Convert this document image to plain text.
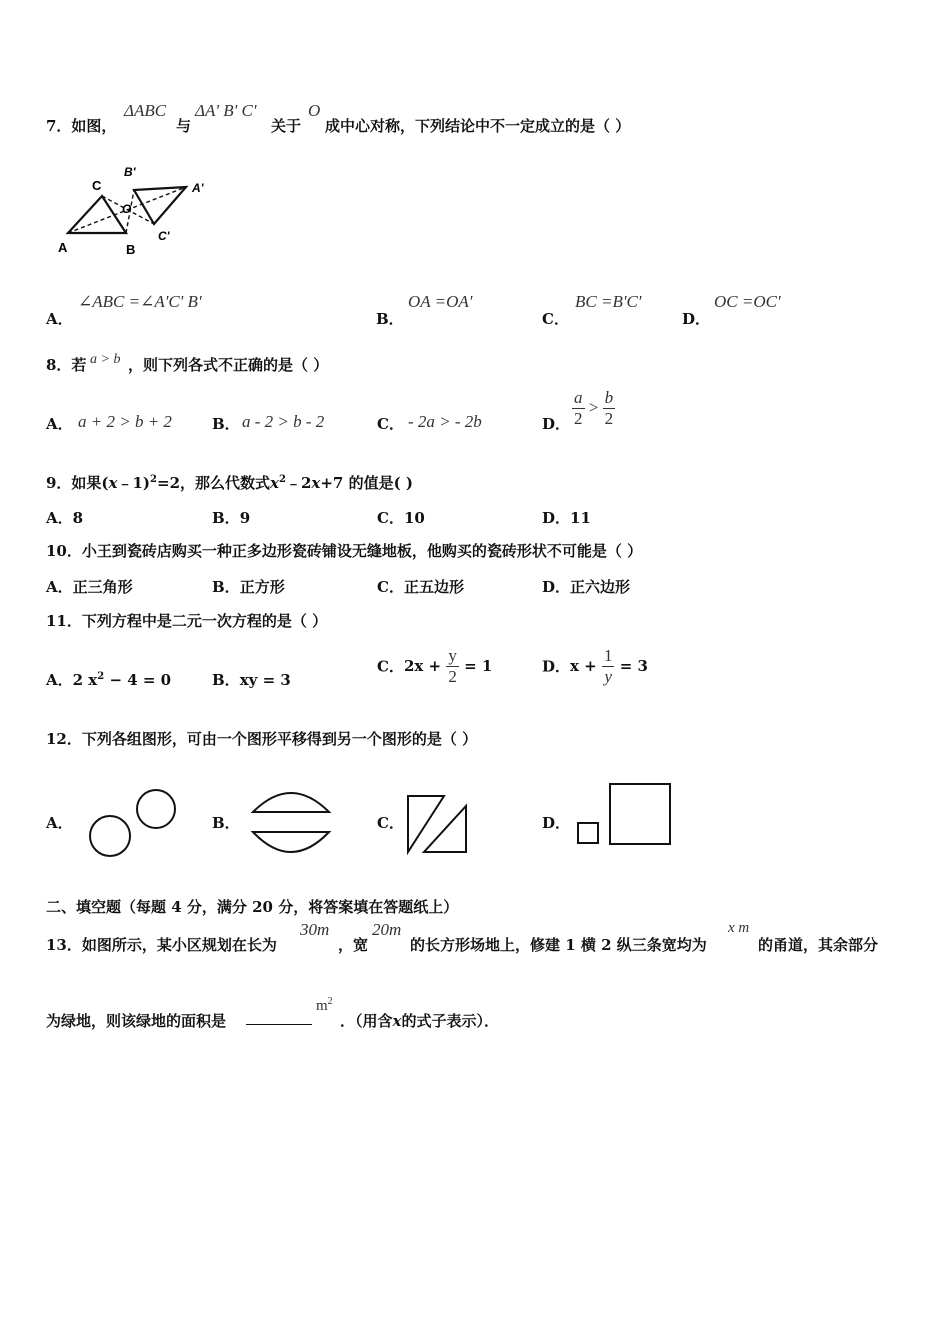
7．如图，
ΔABC
与
ΔA' B' C'
关于
O
成中心对称，下列结论中不一定成立的是（ ）
A	B
C
O
A'
B'
C'
A．
∠ABC =∠A'C' B'
B．
OA =OA'
C．
BC =B'C'
D．
OC =OC'
8．若 a > b ，则下列各式不正确的是（ ）
A． a + 2 > b + 2	B． a - 2 > b - 2	C． - 2a > - 2b	D． $\frac{a}{2} > \frac{b}{2}$
9．如果(x﹣1)$^2$=2，那么代数式$x^2﹣2x+7$ 的值是( )
A．8	B．9	C．10	D．11
10．小王到瓷砖店购买一种正多边形瓷砖铺设无缝地板，他购买的瓷砖形状不可能是（ ）
A．正三角形	B．正方形	C．正五边形	D．正六边形
11．下列方程中是二元一次方程的是（ ）
A．2 $x^2 - 4 = 0$	B．xy = 3
C．$2x + \frac{y}{2} = 1$	D．$x + \frac{1}{y} = 3$
12．下列各组图形，可由一个图形平移得到另一个图形的是（ ）
A．	B．	C．	D．
二、填空题（每题 4 分，满分 20 分，将答案填在答题纸上）
13．如图所示，某小区规划在长为
30m
，宽
20m
的长方形场地上，修建 1 横 2 纵三条宽均为
x m
的甬道，其余部分
为绿地，则该绿地的面积是
$m^2$
．（用含x的式子表示）．
